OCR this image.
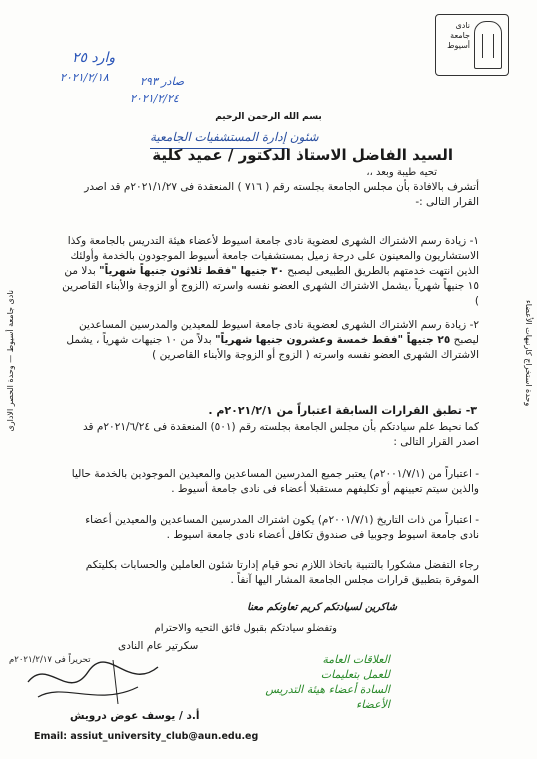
نادى جامعة أسيوط
وارد ٢٥
٢٠٢١/٢/١٨	صادر ٢٩٣
٢٠٢١/٢/٢٤
بسم الله الرحمن الرحيم
شئون إدارة المستشفيات الجامعية
السيد الفاضل الاستاذ الدكتور / عميد كلية
تحيه طيبة وبعد ،،
أتشرف بالافادة بأن مجلس الجامعة بجلسته رقم ( ٧١٦ ) المنعقدة فى ٢٠٢١/١/٢٧م قد اصدر القرار التالى :-
١- زيادة رسم الاشتراك الشهرى لعضوية نادى جامعة اسيوط لأعضاء هيئة التدريس بالجامعة وكذا الاستشاريون والمعينون على درجة زميل بمستشفيات جامعة أسيوط الموجودون بالخدمة وأولئك الذين انتهت خدمتهم بالطريق الطبيعى ليصبح ٣٠ جنيها "فقط ثلاثون جنيهاً شهرياً" بدلا من ١٥ جنيهاً شهرياً ،يشمل الاشتراك الشهرى العضو نفسه واسرته (الزوج أو الزوجة والأبناء القاصرين )
٢- زيادة رسم الاشتراك الشهرى لعضوية نادى جامعة اسيوط للمعيدين والمدرسين المساعدين ليصبح ٢٥ جنيهاً "فقط خمسة وعشرون جنيها شهرياً" بدلاً من ١٠ جنيهات شهرياً ، يشمل الاشتراك الشهرى العضو نفسه واسرته ( الزوج أو الزوجة والأبناء القاصرين )
٣- تطبق القرارات السابقة اعتباراً من ٢٠٢١/٢/١م .
كما نحيط علم سيادتكم بأن مجلس الجامعة بجلسته رقم (٥٠١) المنعقدة فى ٢٠٢١/٦/٢٤م قد اصدر القرار التالى :
- اعتباراً من (٢٠٠١/٧/١م) يعتبر جميع المدرسين المساعدين والمعيدين الموجودين بالخدمة حاليا والذين سيتم تعيينهم أو تكليفهم مستقبلا أعضاء فى نادى جامعة أسيوط .
- اعتباراً من ذات التاريخ (٢٠٠١/٧/١م) يكون اشتراك المدرسين المساعدين والمعيدين أعضاء نادى جامعة اسيوط وجوبيا فى صندوق تكافل أعضاء نادى جامعة اسيوط .
رجاء التفضل مشكورا بالتنبية باتخاذ اللازم نحو قيام إدارتا شئون العاملين والحسابات بكليتكم الموقرة بتطبيق قرارات مجلس الجامعة المشار اليها آنفاً .
شاكرين لسيادتكم كريم تعاونكم معنا
وتفضلو سيادتكم بقبول فائق التحيه والاحترام
تحريراً فى ٢٠٢١/٢/١٧م
سكرتير عام النادى
العلاقات العامة
للعمل بتعليمات
السادة أعضاء هيئة التدريس
الأعضاء
أ.د / يوسف عوض درويش
Email: assiut_university_club@aun.edu.eg
وحدة استخراج كارنيهات الأعضاء
نادى جامعة أسيوط — وحدة الحصر الادارى
